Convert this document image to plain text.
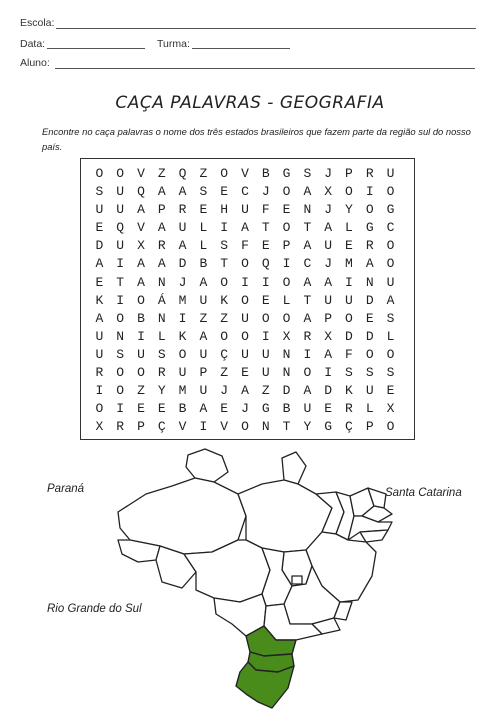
Escola:
Data:	Turma:
Aluno:
CAÇA PALAVRAS - GEOGRAFIA
Encontre no caça palavras o nome dos três estados brasileiros que fazem parte da região sul do nosso país.
O O V Z Q Z O V B G S J P R U
S U Q A A S E C J O A X O I O
U U A P R E H U F E N J Y O G
E Q V A U L I A T O T A L G C
D U X R A L S F E P A U E R O
A I A A D B T O Q I C J M A O
E T A N J A O I I O A A I N U
K I O Á M U K O E L T U U D A
A O B N I Z Z U O O A P O E S
U N I L K A O O I X R X D D L
U S U S O U Ç U U N I A F O O
R O O R U P Z E U N O I S S S
I O Z Y M U J A Z D A D K U E
O I E E B A E J G B U E R L X
X R P Ç V I V O N T Y G Ç P O
Paraná	Santa Catarina
Rio Grande do Sul
